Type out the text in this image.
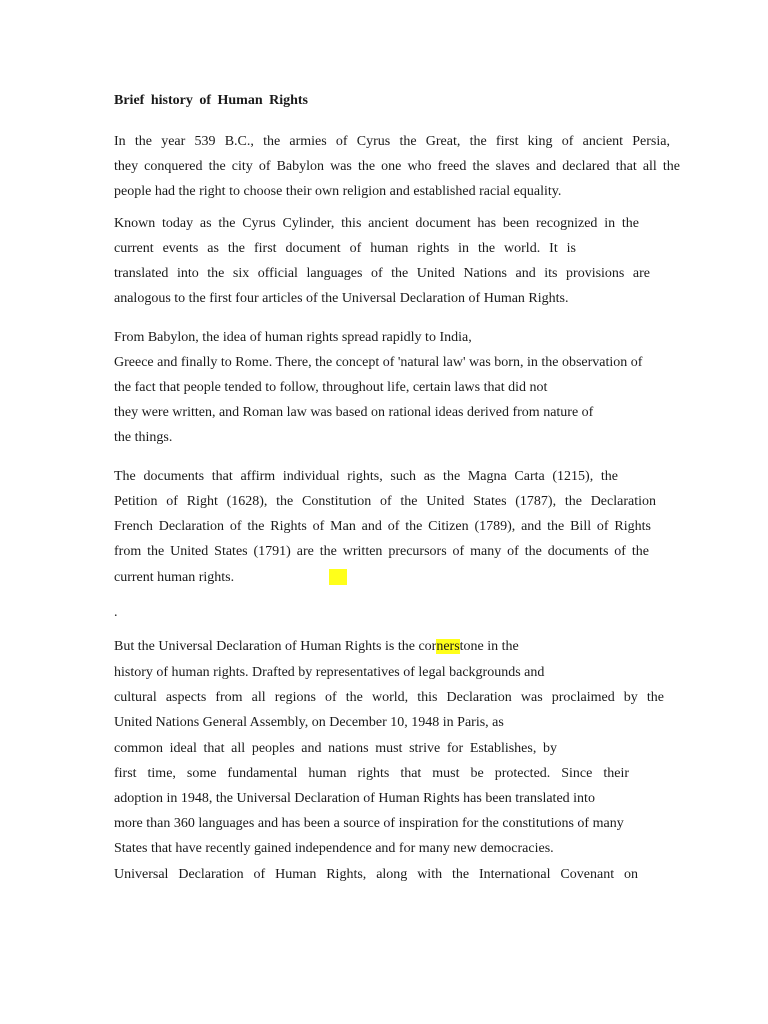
Brief history of Human Rights
In the year 539 B.C., the armies of Cyrus the Great, the first king of ancient Persia,
they conquered the city of Babylon was the one who freed the slaves and declared that all the
people had the right to choose their own religion and established racial equality.
Known today as the Cyrus Cylinder, this ancient document has been recognized in the
current events as the first document of human rights in the world. It is
translated into the six official languages of the United Nations and its provisions are
analogous to the first four articles of the Universal Declaration of Human Rights.
From Babylon, the idea of human rights spread rapidly to India,
Greece and finally to Rome. There, the concept of 'natural law' was born, in the observation of
the fact that people tended to follow, throughout life, certain laws that did not
they were written, and Roman law was based on rational ideas derived from nature of
the things.
The documents that affirm individual rights, such as the Magna Carta (1215), the
Petition of Right (1628), the Constitution of the United States (1787), the Declaration
French Declaration of the Rights of Man and of the Citizen (1789), and the Bill of Rights
from the United States (1791) are the written precursors of many of the documents of the
current human rights.
.
But the Universal Declaration of Human Rights is the cornerstone in the
history of human rights. Drafted by representatives of legal backgrounds and
cultural aspects from all regions of the world, this Declaration was proclaimed by the
United Nations General Assembly, on December 10, 1948 in Paris, as
common ideal that all peoples and nations must strive for Establishes, by
first time, some fundamental human rights that must be protected. Since their
adoption in 1948, the Universal Declaration of Human Rights has been translated into
more than 360 languages and has been a source of inspiration for the constitutions of many
States that have recently gained independence and for many new democracies.
Universal Declaration of Human Rights, along with the International Covenant on
